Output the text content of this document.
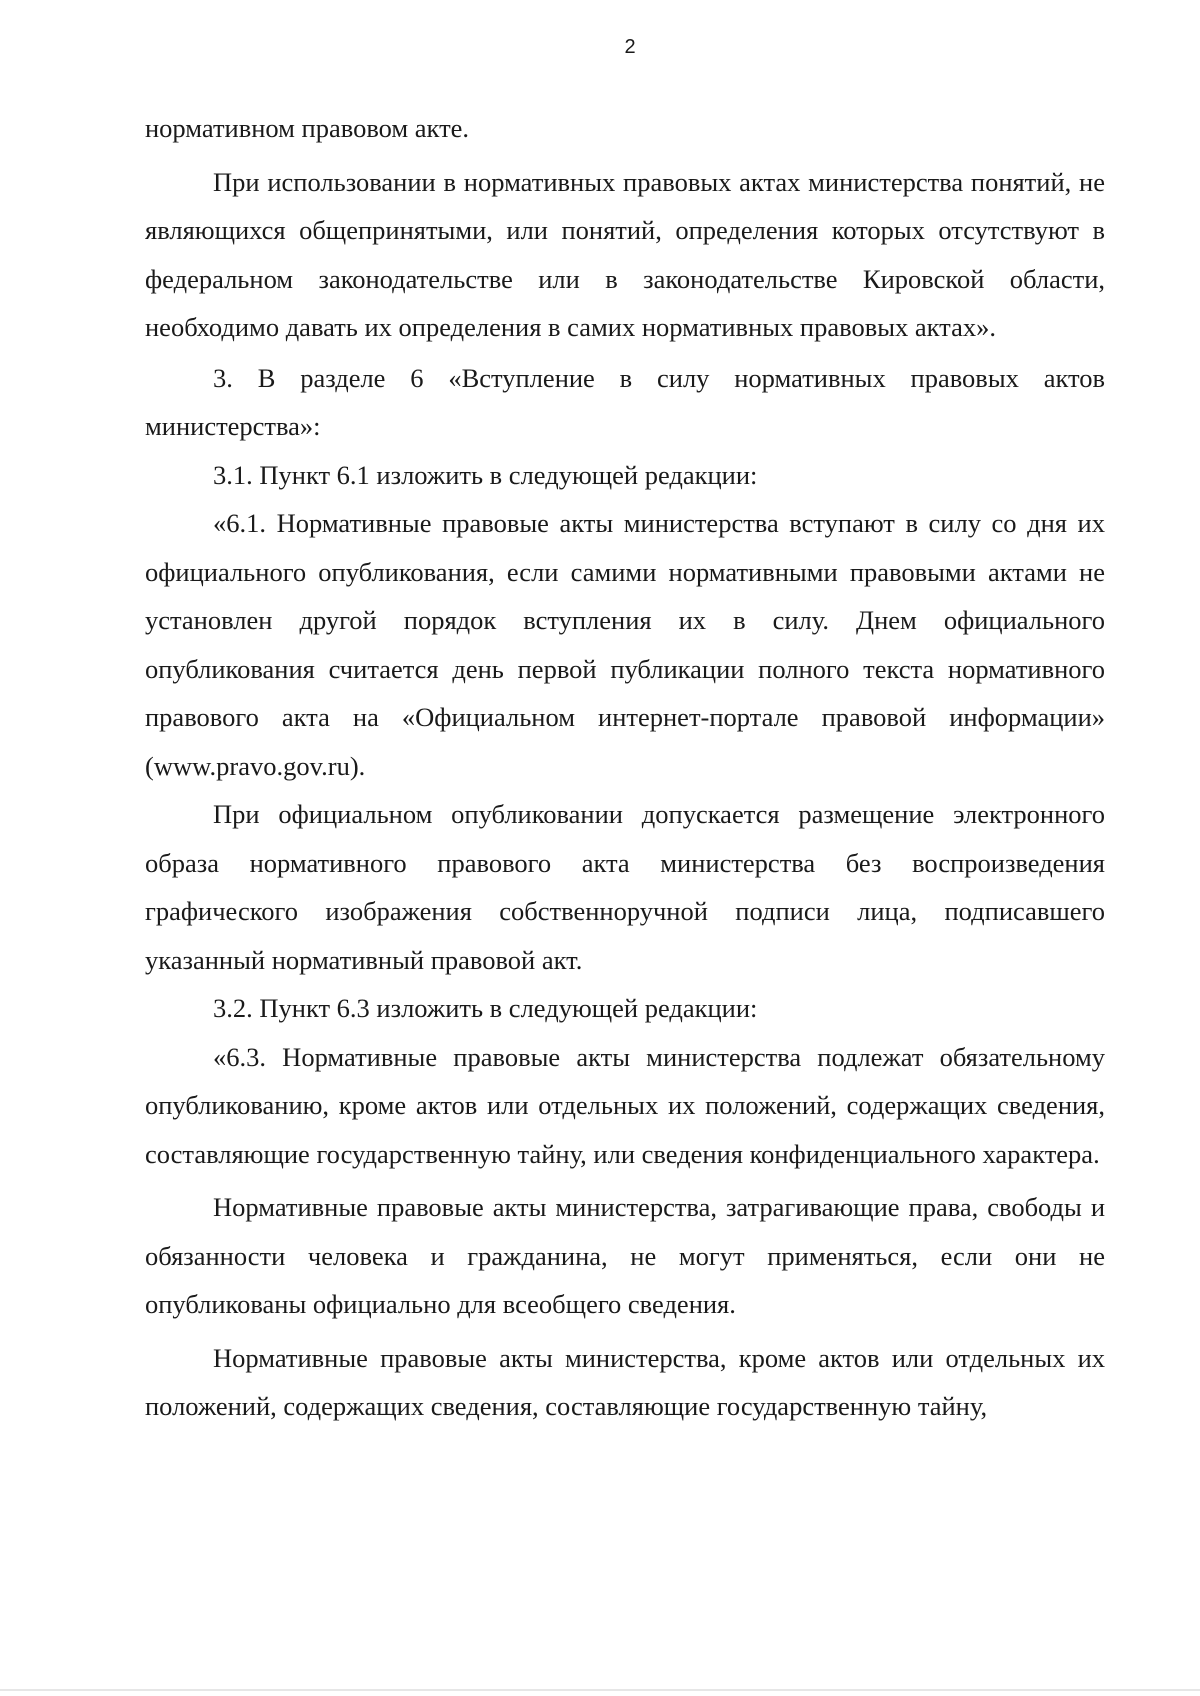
2

нормативном правовом акте.

При использовании в нормативных правовых актах министерства понятий, не являющихся общепринятыми, или понятий, определения которых отсутствуют в федеральном законодательстве или в законодательстве Кировской области, необходимо давать их определения в самих нормативных правовых актах».

3. В разделе 6 «Вступление в силу нормативных правовых актов министерства»:

3.1. Пункт 6.1 изложить в следующей редакции:

«6.1. Нормативные правовые акты министерства вступают в силу со дня их официального опубликования, если самими нормативными правовыми актами не установлен другой порядок вступления их в силу. Днем официального опубликования считается день первой публикации полного текста нормативного правового акта на «Официальном интернет-портале правовой информации» (www.pravo.gov.ru).

При официальном опубликовании допускается размещение электронного образа нормативного правового акта министерства без воспроизведения графического изображения собственноручной подписи лица, подписавшего указанный нормативный правовой акт.

3.2. Пункт 6.3 изложить в следующей редакции:

«6.3. Нормативные правовые акты министерства подлежат обязательному опубликованию, кроме актов или отдельных их положений, содержащих сведения, составляющие государственную тайну, или сведения конфиденциального характера.

Нормативные правовые акты министерства, затрагивающие права, свободы и обязанности человека и гражданина, не могут применяться, если они не опубликованы официально для всеобщего сведения.

Нормативные правовые акты министерства, кроме актов или отдельных их положений, содержащих сведения, составляющие государственную тайну,
